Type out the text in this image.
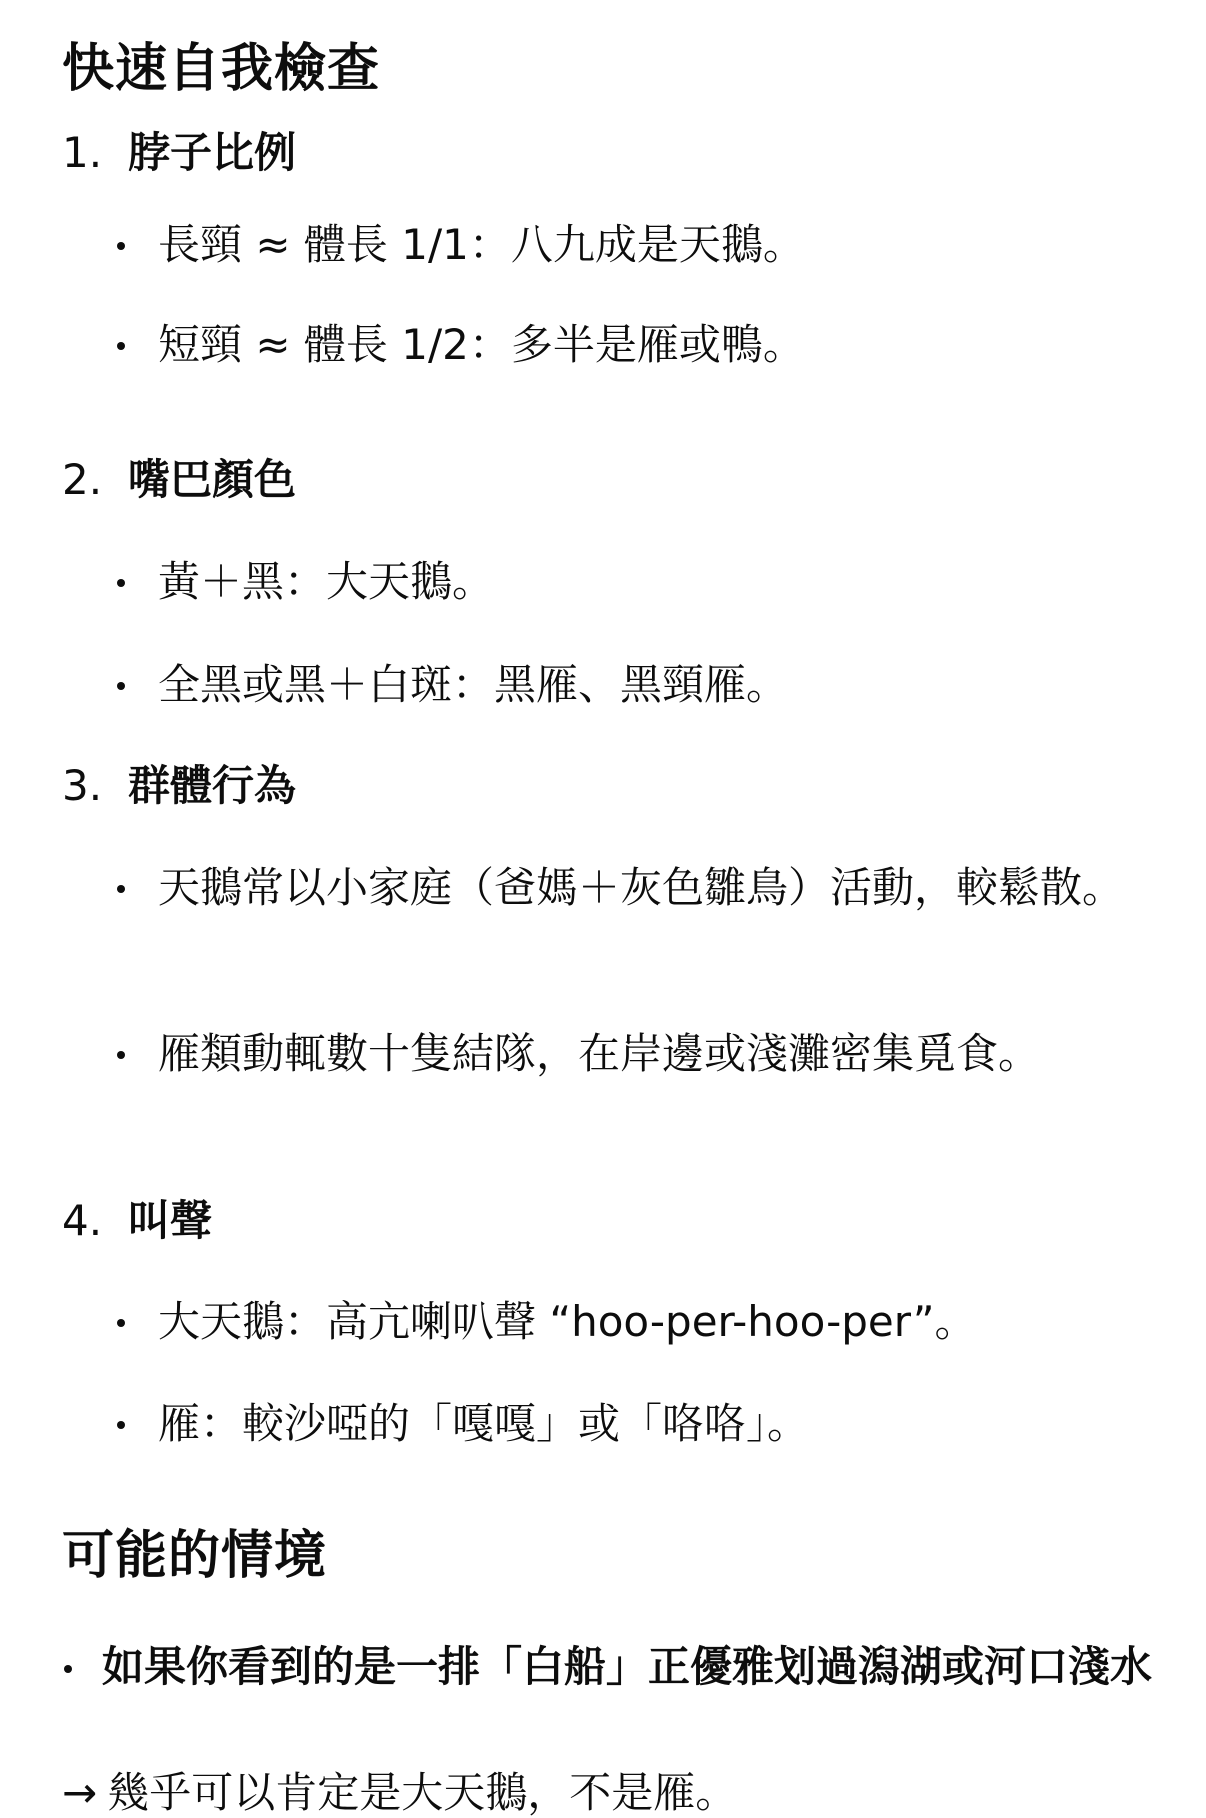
快速自我檢查
1. 脖子比例
長頸 ≈ 體長 1/1：八九成是天鵝。
短頸 ≈ 體長 1/2：多半是雁或鴨。
2. 嘴巴顏色
黃＋黑：大天鵝。
全黑或黑＋白斑：黑雁、黑頸雁。
3. 群體行為
天鵝常以小家庭（爸媽＋灰色雛鳥）活動，較鬆散。
雁類動輒數十隻結隊，在岸邊或淺灘密集覓食。
4. 叫聲
大天鵝：高亢喇叭聲 “hoo-per-hoo-per”。
雁：較沙啞的「嘎嘎」或「咯咯」。
可能的情境
如果你看到的是一排「白船」正優雅划過潟湖或河口淺水
→ 幾乎可以肯定是大天鵝，不是雁。
